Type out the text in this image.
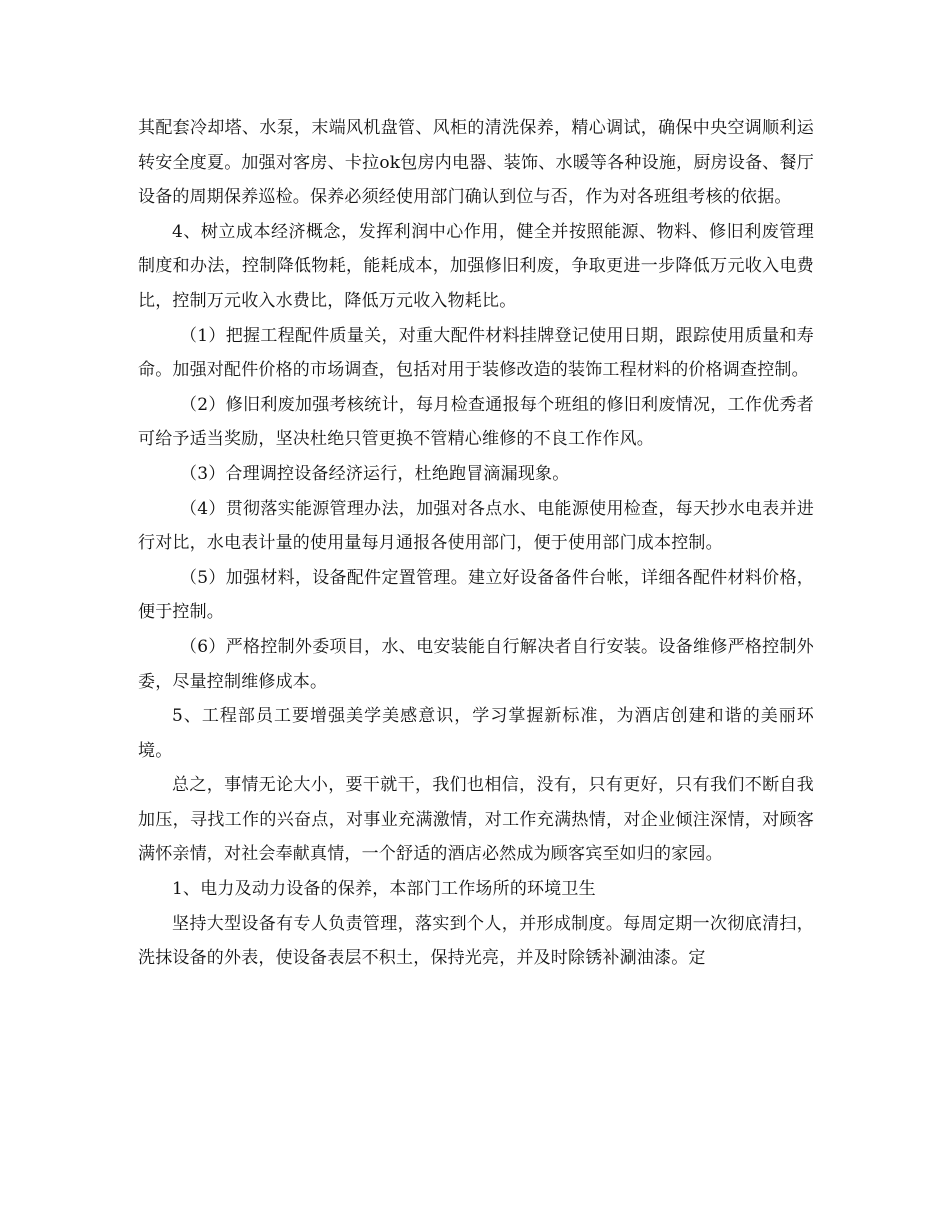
其配套冷却塔、水泵，末端风机盘管、风柜的清洗保养，精心调试，确保中央空调顺利运转安全度夏。加强对客房、卡拉ok包房内电器、装饰、水暖等各种设施，厨房设备、餐厅设备的周期保养巡检。保养必须经使用部门确认到位与否，作为对各班组考核的依据。

4、树立成本经济概念，发挥利润中心作用，健全并按照能源、物料、修旧利废管理制度和办法，控制降低物耗，能耗成本，加强修旧利废，争取更进一步降低万元收入电费比，控制万元收入水费比，降低万元收入物耗比。

（1）把握工程配件质量关，对重大配件材料挂牌登记使用日期，跟踪使用质量和寿命。加强对配件价格的市场调查，包括对用于装修改造的装饰工程材料的价格调查控制。

（2）修旧利废加强考核统计，每月检查通报每个班组的修旧利废情况，工作优秀者可给予适当奖励，坚决杜绝只管更换不管精心维修的不良工作作风。

（3）合理调控设备经济运行，杜绝跑冒滴漏现象。

（4）贯彻落实能源管理办法，加强对各点水、电能源使用检查，每天抄水电表并进行对比，水电表计量的使用量每月通报各使用部门，便于使用部门成本控制。

（5）加强材料，设备配件定置管理。建立好设备备件台帐，详细各配件材料价格，便于控制。

（6）严格控制外委项目，水、电安装能自行解决者自行安装。设备维修严格控制外委，尽量控制维修成本。

5、工程部员工要增强美学美感意识，学习掌握新标准，为酒店创建和谐的美丽环境。

总之，事情无论大小，要干就干，我们也相信，没有，只有更好，只有我们不断自我加压，寻找工作的兴奋点，对事业充满激情，对工作充满热情，对企业倾注深情，对顾客满怀亲情，对社会奉献真情，一个舒适的酒店必然成为顾客宾至如归的家园。

1、电力及动力设备的保养，本部门工作场所的环境卫生

坚持大型设备有专人负责管理，落实到个人，并形成制度。每周定期一次彻底清扫，洗抹设备的外表，使设备表层不积土，保持光亮，并及时除锈补涮油漆。定
